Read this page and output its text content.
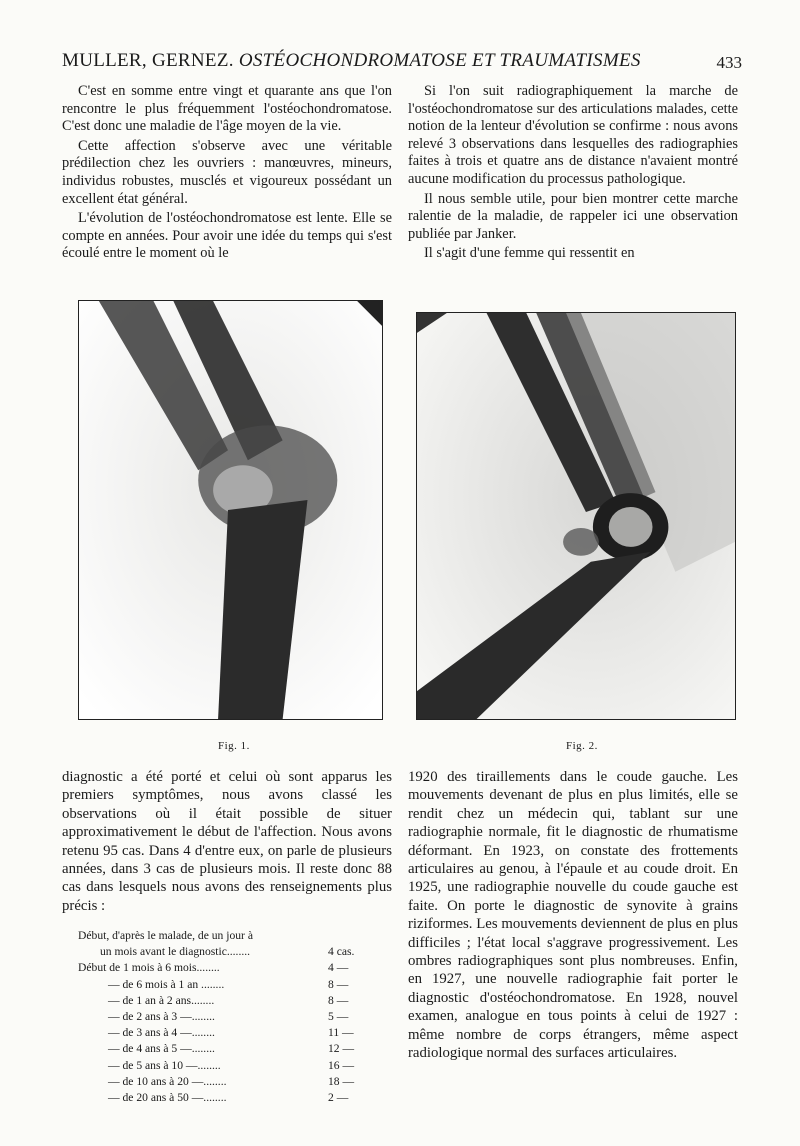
MULLER, GERNEZ. OSTÉOCHONDROMATOSE ET TRAUMATISMES	433

C'est en somme entre vingt et quarante ans que l'on rencontre le plus fréquemment l'ostéochondromatose. C'est donc une maladie de l'âge moyen de la vie.

Cette affection s'observe avec une véritable prédilection chez les ouvriers : manœuvres, mineurs, individus robustes, musclés et vigoureux possédant un excellent état général.

L'évolution de l'ostéochondromatose est lente. Elle se compte en années. Pour avoir une idée du temps qui s'est écoulé entre le moment où le

Si l'on suit radiographiquement la marche de l'ostéochondromatose sur des articulations malades, cette notion de la lenteur d'évolution se confirme : nous avons relevé 3 observations dans lesquelles des radiographies faites à trois et quatre ans de distance n'avaient montré aucune modification du processus pathologique.

Il nous semble utile, pour bien montrer cette marche ralentie de la maladie, de rappeler ici une observation publiée par Janker.

Il s'agit d'une femme qui ressentit en

Fig. 1.	Fig. 2.

diagnostic a été porté et celui où sont apparus les premiers symptômes, nous avons classé les observations où il était possible de situer approximativement le début de l'affection. Nous avons retenu 95 cas. Dans 4 d'entre eux, on parle de plusieurs années, dans 3 cas de plusieurs mois. Il reste donc 88 cas dans lesquels nous avons des renseignements plus précis :

Début, d'après le malade, de un jour à
un mois avant le diagnostic........	4 cas.
Début de 1 mois à 6 mois........	4 —
— de 6 mois à 1 an ........	8 —
— de 1 an à 2 ans........	8 —
— de 2 ans à 3 —........	5 —
— de 3 ans à 4 —........	11 —
— de 4 ans à 5 —........	12 —
— de 5 ans à 10 —........	16 —
— de 10 ans à 20 —........	18 —
— de 20 ans à 50 —........	2 —

1920 des tiraillements dans le coude gauche. Les mouvements devenant de plus en plus limités, elle se rendit chez un médecin qui, tablant sur une radiographie normale, fit le diagnostic de rhumatisme déformant. En 1923, on constate des frottements articulaires au genou, à l'épaule et au coude droit. En 1925, une radiographie nouvelle du coude gauche est faite. On porte le diagnostic de synovite à grains riziformes. Les mouvements deviennent de plus en plus difficiles ; l'état local s'aggrave progressivement. Les ombres radiographiques sont plus nombreuses. Enfin, en 1927, une nouvelle radiographie fait porter le diagnostic d'ostéochondromatose. En 1928, nouvel examen, analogue en tous points à celui de 1927 : même nombre de corps étrangers, même aspect radiologique normal des surfaces articulaires.
